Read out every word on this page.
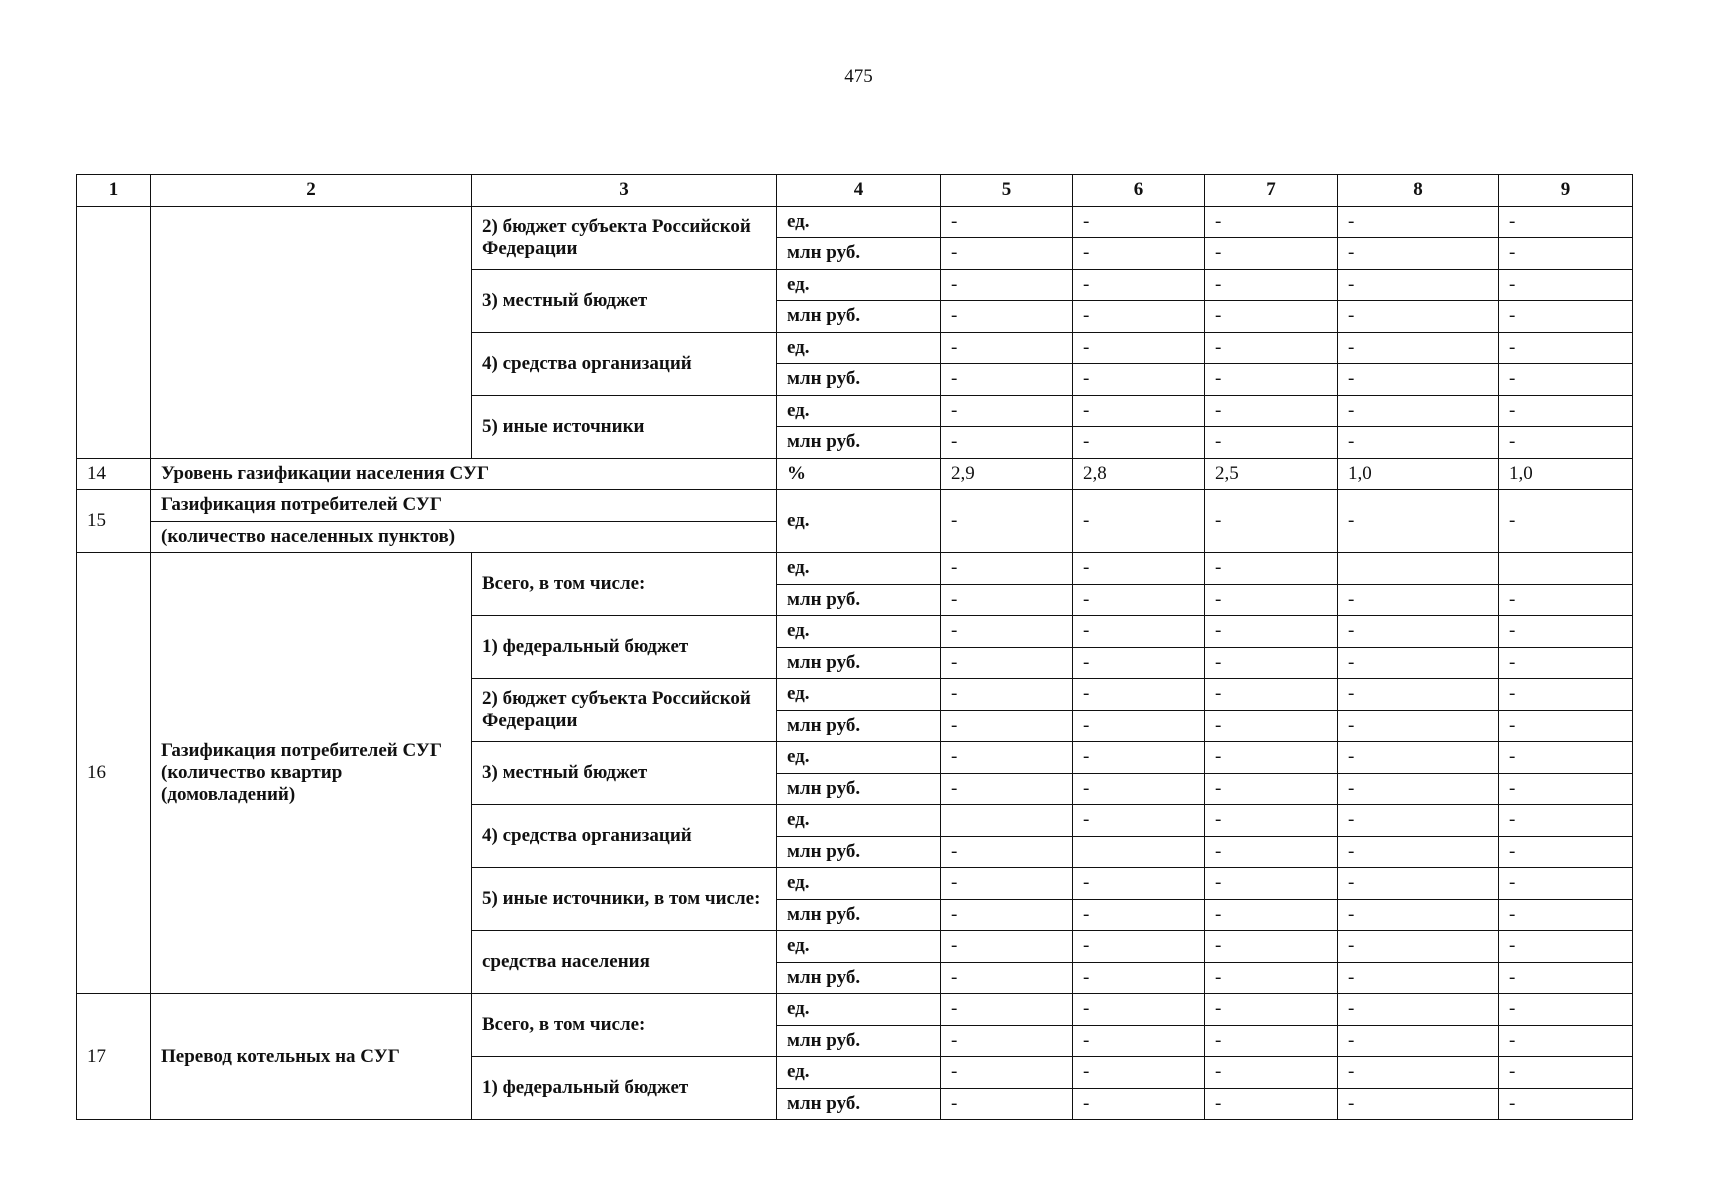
475
1	2	3	4	5	6	7	8	9
		2) бюджет субъекта Российской Федерации	ед.	-	-	-	-	-
			млн руб.	-	-	-	-	-
		3) местный бюджет	ед.	-	-	-	-	-
			млн руб.	-	-	-	-	-
		4) средства организаций	ед.	-	-	-	-	-
			млн руб.	-	-	-	-	-
		5) иные источники	ед.	-	-	-	-	-
			млн руб.	-	-	-	-	-
14	Уровень газификации населения СУГ		%	2,9	2,8	2,5	1,0	1,0
15	Газификация потребителей СУГ		ед.	-	-	-	-	-
	(количество населенных пунктов)							
16	Газификация потребителей СУГ (количество квартир (домовладений)	Всего, в том числе:	ед.	-	-	-		
			млн руб.	-	-	-	-	-
		1) федеральный бюджет	ед.	-	-	-	-	-
			млн руб.	-	-	-	-	-
		2) бюджет субъекта Российской Федерации	ед.	-	-	-	-	-
			млн руб.	-	-	-	-	-
		3) местный бюджет	ед.	-	-	-	-	-
			млн руб.	-	-	-	-	-
		4) средства организаций	ед.		-	-	-	-
			млн руб.	-		-	-	-
		5) иные источники, в том числе:	ед.	-	-	-	-	-
			млн руб.	-	-	-	-	-
		средства населения	ед.	-	-	-	-	-
			млн руб.	-	-	-	-	-
17	Перевод котельных на СУГ	Всего, в том числе:	ед.	-	-	-	-	-
			млн руб.	-	-	-	-	-
		1) федеральный бюджет	ед.	-	-	-	-	-
			млн руб.	-	-	-	-	-
